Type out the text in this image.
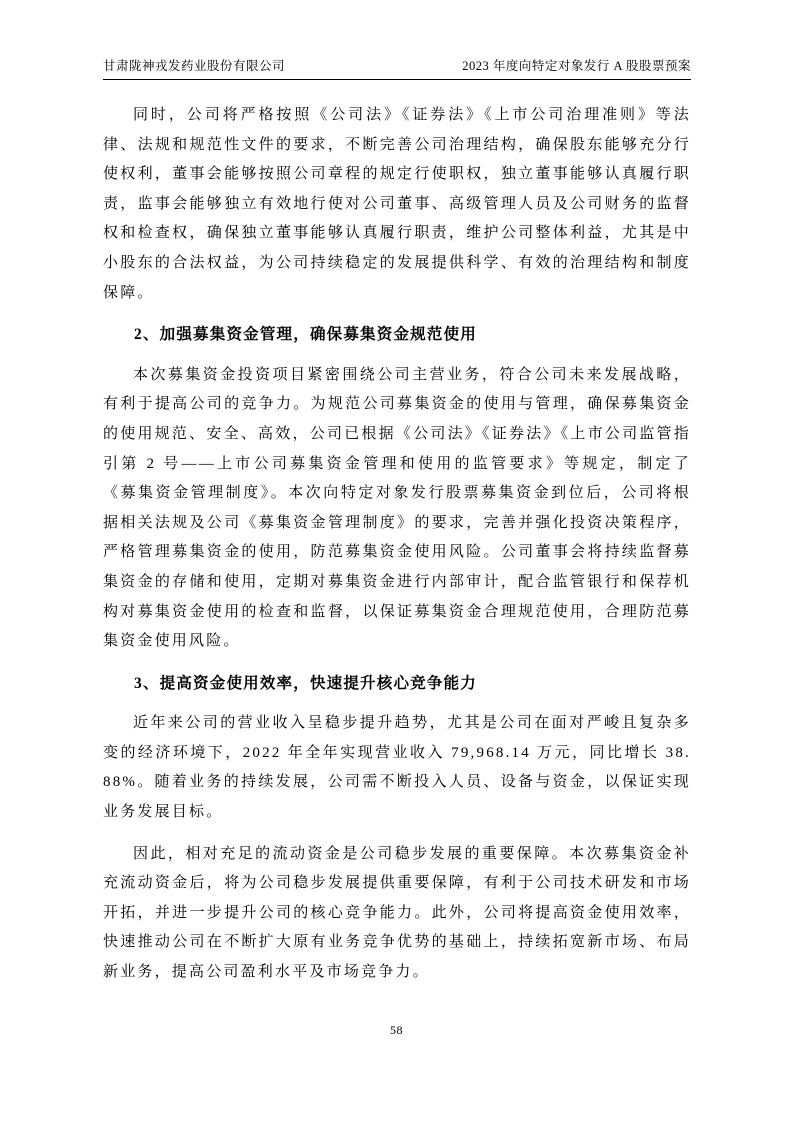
甘肃陇神戎发药业股份有限公司	2023 年度向特定对象发行 A 股股票预案

同时，公司将严格按照《公司法》《证券法》《上市公司治理准则》等法律、法规和规范性文件的要求，不断完善公司治理结构，确保股东能够充分行使权利，董事会能够按照公司章程的规定行使职权，独立董事能够认真履行职责，监事会能够独立有效地行使对公司董事、高级管理人员及公司财务的监督权和检查权，确保独立董事能够认真履行职责，维护公司整体利益，尤其是中小股东的合法权益，为公司持续稳定的发展提供科学、有效的治理结构和制度保障。

2、加强募集资金管理，确保募集资金规范使用

本次募集资金投资项目紧密围绕公司主营业务，符合公司未来发展战略，有利于提高公司的竞争力。为规范公司募集资金的使用与管理，确保募集资金的使用规范、安全、高效，公司已根据《公司法》《证券法》《上市公司监管指引第 2 号——上市公司募集资金管理和使用的监管要求》等规定，制定了《募集资金管理制度》。本次向特定对象发行股票募集资金到位后，公司将根据相关法规及公司《募集资金管理制度》的要求，完善并强化投资决策程序，严格管理募集资金的使用，防范募集资金使用风险。公司董事会将持续监督募集资金的存储和使用，定期对募集资金进行内部审计，配合监管银行和保荐机构对募集资金使用的检查和监督，以保证募集资金合理规范使用，合理防范募集资金使用风险。

3、提高资金使用效率，快速提升核心竞争能力

近年来公司的营业收入呈稳步提升趋势，尤其是公司在面对严峻且复杂多变的经济环境下，2022 年全年实现营业收入 79,968.14 万元，同比增长 38.88%。随着业务的持续发展，公司需不断投入人员、设备与资金，以保证实现业务发展目标。

因此，相对充足的流动资金是公司稳步发展的重要保障。本次募集资金补充流动资金后，将为公司稳步发展提供重要保障，有利于公司技术研发和市场开拓，并进一步提升公司的核心竞争能力。此外，公司将提高资金使用效率，快速推动公司在不断扩大原有业务竞争优势的基础上，持续拓宽新市场、布局新业务，提高公司盈利水平及市场竞争力。

58
